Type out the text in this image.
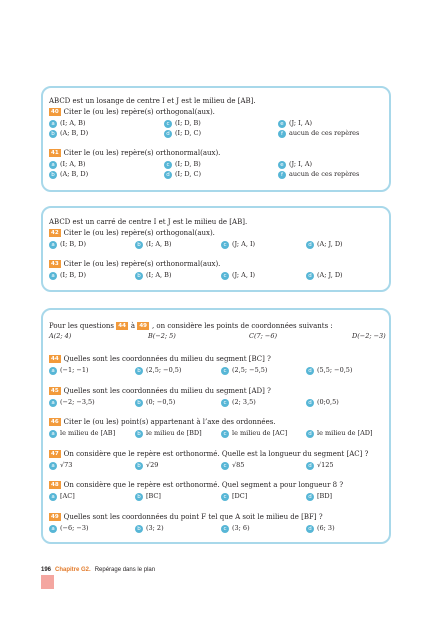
ABCD est un losange de centre I et J est le milieu de [AB].
40 Citer le (ou les) repère(s) orthogonal(aux).
a (I; A, B)	c (I; D, B)	e (J; I, A)
b (A; B, D)	d (I; D, C)	f aucun de ces repères
41 Citer le (ou les) repère(s) orthonormal(aux).
a (I; A, B)	c (I; D, B)	e (J; I, A)
b (A; B, D)	d (I; D, C)	f aucun de ces repères
ABCD est un carré de centre I et J est le milieu de [AB].
42 Citer le (ou les) repère(s) orthogonal(aux).
a (I; B, D)	b (I; A, B)	c (J; A, I)	d (A; J, D)
43 Citer le (ou les) repère(s) orthonormal(aux).
a (I; B, D)	b (I; A, B)	c (J; A, I)	d (A; J, D)
Pour les questions 44 à 49 , on considère les points de coordonnées suivants :
A(2; 4)	B(−2; 5)	C(7; −6)	D(−2; −3)
44 Quelles sont les coordonnées du milieu du segment [BC] ?
a (−1; −1)	b (2,5; −0,5)	c (2,5; −5,5)	d (5,5; −0,5)
45 Quelles sont les coordonnées du milieu du segment [AD] ?
a (−2; −3,5)	b (0; −0,5)	c (2; 3,5)	d (0;0,5)
46 Citer le (ou les) point(s) appartenant à l’axe des ordonnées.
a le milieu de [AB]	b le milieu de [BD]	c le milieu de [AC]	d le milieu de [AD]
47 On considère que le repère est orthonormé. Quelle est la longueur du segment [AC] ?
a √73	b √29	c √85	d √125
48 On considère que le repère est orthonormé. Quel segment a pour longueur 8 ?
a [AC]	b [BC]	c [DC]	d [BD]
49 Quelles sont les coordonnées du point F tel que A soit le milieu de [BF] ?
a (−6; −3)	b (3; 2)	c (3; 6)	d (6; 3)
196 Chapitre G2. Repérage dans le plan
